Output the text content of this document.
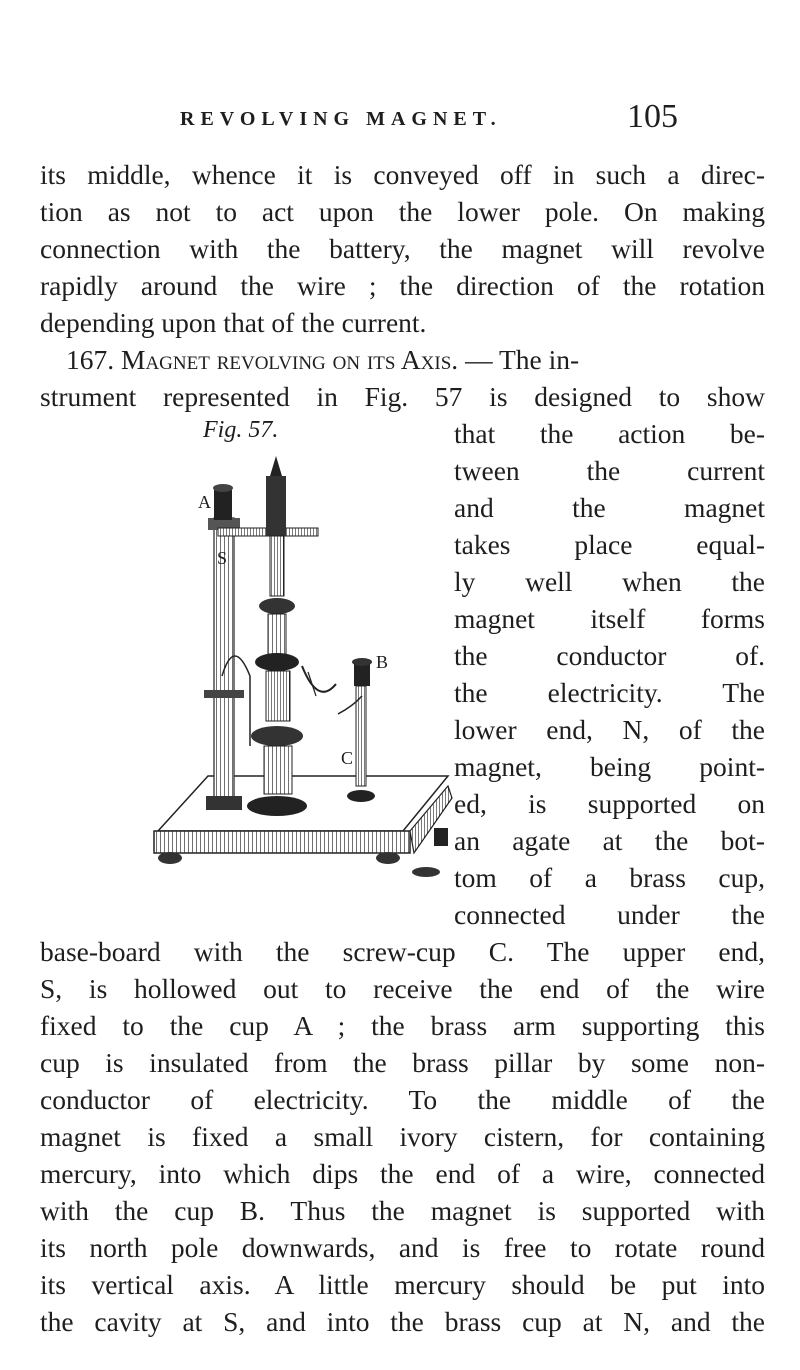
REVOLVING MAGNET.	105
its middle, whence it is conveyed off in such a direc-
tion as not to act upon the lower pole. On making
connection with the battery, the magnet will revolve
rapidly around the wire ; the direction of the rotation
depending upon that of the current.
167. Magnet revolving on its Axis. — The in-
strument represented in Fig. 57 is designed to show
Fig. 57.	that the action be-
tween the current
and the magnet
takes place equal-
ly well when the
magnet itself forms
the conductor of.
the electricity. The
lower end, N, of the
magnet, being point-
ed, is supported on
an agate at the bot-
tom of a brass cup,
connected under the
A
S
B
C
base-board with the screw-cup C. The upper end,
S, is hollowed out to receive the end of the wire
fixed to the cup A ; the brass arm supporting this
cup is insulated from the brass pillar by some non-
conductor of electricity. To the middle of the
magnet is fixed a small ivory cistern, for containing
mercury, into which dips the end of a wire, connected
with the cup B. Thus the magnet is supported with
its north pole downwards, and is free to rotate round
its vertical axis. A little mercury should be put into
the cavity at S, and into the brass cup at N, and the
